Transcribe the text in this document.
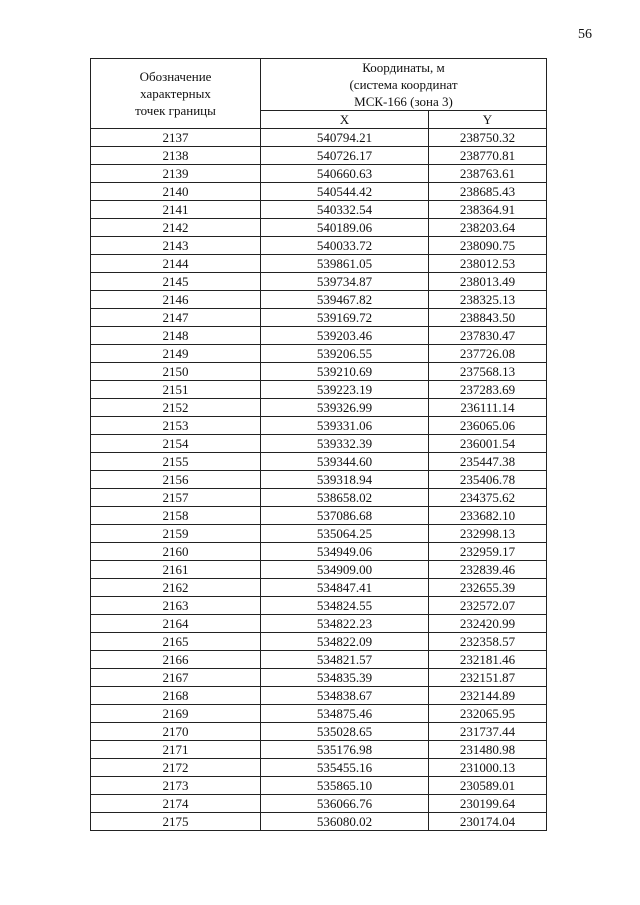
56
Обозначение
характерных
точек границы	Координаты, м
(система координат
МСК-166 (зона 3)	

	X	Y
2137	540794.21	238750.32
2138	540726.17	238770.81
2139	540660.63	238763.61
2140	540544.42	238685.43
2141	540332.54	238364.91
2142	540189.06	238203.64
2143	540033.72	238090.75
2144	539861.05	238012.53
2145	539734.87	238013.49
2146	539467.82	238325.13
2147	539169.72	238843.50
2148	539203.46	237830.47
2149	539206.55	237726.08
2150	539210.69	237568.13
2151	539223.19	237283.69
2152	539326.99	236111.14
2153	539331.06	236065.06
2154	539332.39	236001.54
2155	539344.60	235447.38
2156	539318.94	235406.78
2157	538658.02	234375.62
2158	537086.68	233682.10
2159	535064.25	232998.13
2160	534949.06	232959.17
2161	534909.00	232839.46
2162	534847.41	232655.39
2163	534824.55	232572.07
2164	534822.23	232420.99
2165	534822.09	232358.57
2166	534821.57	232181.46
2167	534835.39	232151.87
2168	534838.67	232144.89
2169	534875.46	232065.95
2170	535028.65	231737.44
2171	535176.98	231480.98
2172	535455.16	231000.13
2173	535865.10	230589.01
2174	536066.76	230199.64
2175	536080.02	230174.04
